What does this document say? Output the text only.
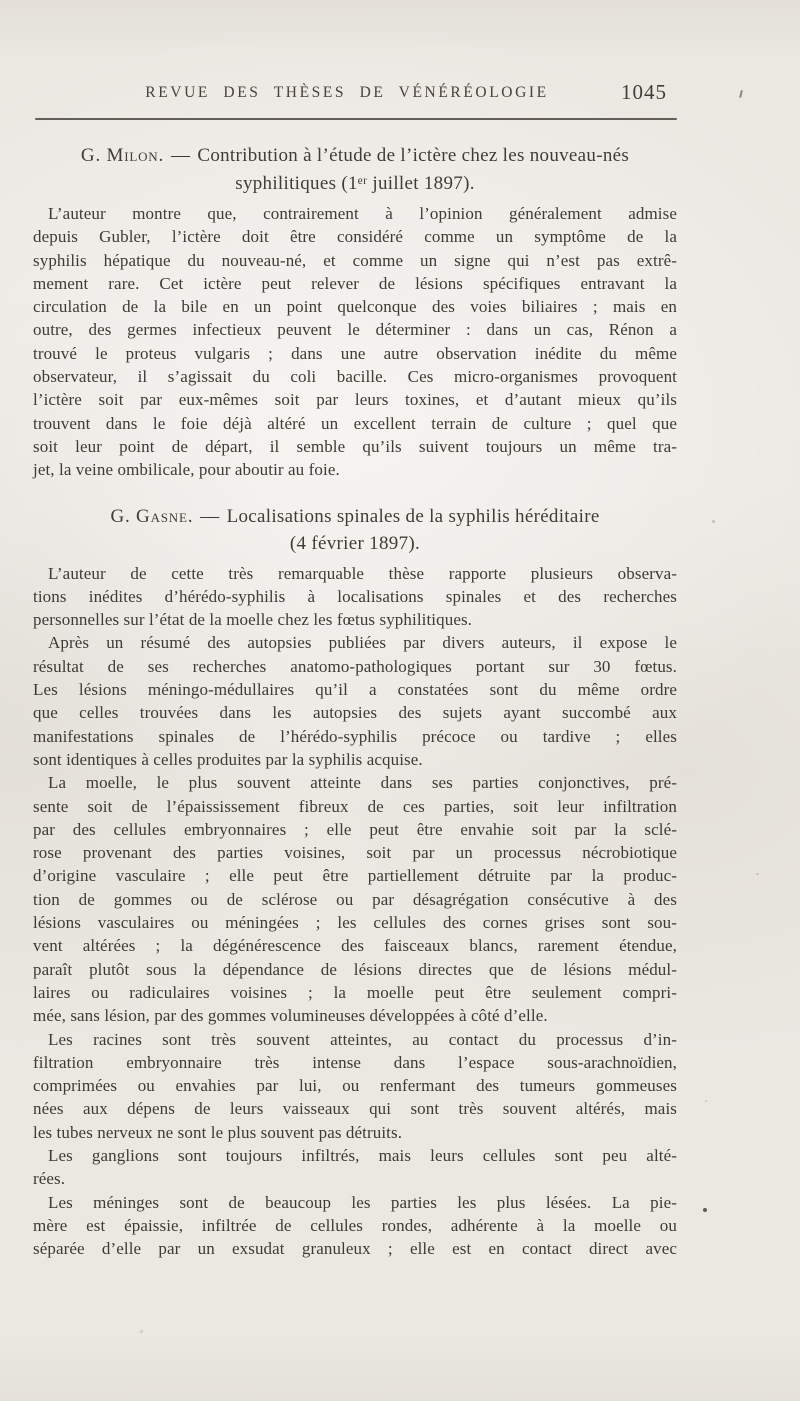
REVUE DES THÈSES DE VÉNÉRÉOLOGIE	1045
G. Milon. — Contribution à l’étude de l’ictère chez les nouveau-nés
syphilitiques (1ᵉʳ juillet 1897).
L’auteur montre que, contrairement à l’opinion généralement admise
depuis Gubler, l’ictère doit être considéré comme un symptôme de la
syphilis hépatique du nouveau-né, et comme un signe qui n’est pas extrê-
mement rare. Cet ictère peut relever de lésions spécifiques entravant la
circulation de la bile en un point quelconque des voies biliaires ; mais en
outre, des germes infectieux peuvent le déterminer : dans un cas, Rénon a
trouvé le proteus vulgaris ; dans une autre observation inédite du même
observateur, il s’agissait du coli bacille. Ces micro-organismes provoquent
l’ictère soit par eux-mêmes soit par leurs toxines, et d’autant mieux qu’ils
trouvent dans le foie déjà altéré un excellent terrain de culture ; quel que
soit leur point de départ, il semble qu’ils suivent toujours un même tra-
jet, la veine ombilicale, pour aboutir au foie.
G. Gasne. — Localisations spinales de la syphilis héréditaire
(4 février 1897).
L’auteur de cette très remarquable thèse rapporte plusieurs observa-
tions inédites d’hérédo-syphilis à localisations spinales et des recherches
personnelles sur l’état de la moelle chez les fœtus syphilitiques.
Après un résumé des autopsies publiées par divers auteurs, il expose le
résultat de ses recherches anatomo-pathologiques portant sur 30 fœtus.
Les lésions méningo-médullaires qu’il a constatées sont du même ordre
que celles trouvées dans les autopsies des sujets ayant succombé aux
manifestations spinales de l’hérédo-syphilis précoce ou tardive ; elles
sont identiques à celles produites par la syphilis acquise.
La moelle, le plus souvent atteinte dans ses parties conjonctives, pré-
sente soit de l’épaississement fibreux de ces parties, soit leur infiltration
par des cellules embryonnaires ; elle peut être envahie soit par la sclé-
rose provenant des parties voisines, soit par un processus nécrobiotique
d’origine vasculaire ; elle peut être partiellement détruite par la produc-
tion de gommes ou de sclérose ou par désagrégation consécutive à des
lésions vasculaires ou méningées ; les cellules des cornes grises sont sou-
vent altérées ; la dégénérescence des faisceaux blancs, rarement étendue,
paraît plutôt sous la dépendance de lésions directes que de lésions médul-
laires ou radiculaires voisines ; la moelle peut être seulement compri-
mée, sans lésion, par des gommes volumineuses développées à côté d’elle.
Les racines sont très souvent atteintes, au contact du processus d’in-
filtration embryonnaire très intense dans l’espace sous-arachnoïdien,
comprimées ou envahies par lui, ou renfermant des tumeurs gommeuses
nées aux dépens de leurs vaisseaux qui sont très souvent altérés, mais
les tubes nerveux ne sont le plus souvent pas détruits.
Les ganglions sont toujours infiltrés, mais leurs cellules sont peu alté-
rées.
Les méninges sont de beaucoup les parties les plus lésées. La pie-
mère est épaissie, infiltrée de cellules rondes, adhérente à la moelle ou
séparée d’elle par un exsudat granuleux ; elle est en contact direct avec
